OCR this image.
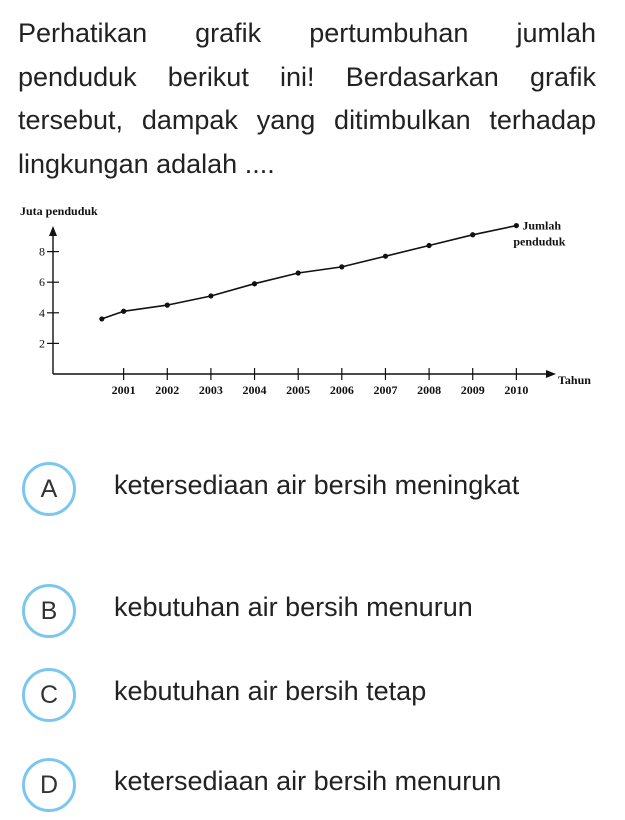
Perhatikan grafik pertumbuhan jumlah penduduk berikut ini! Berdasarkan grafik tersebut, dampak yang ditimbulkan terhadap lingkungan adalah ....
Juta penduduk
Tahun
2
4
6
8
2001 2002 2003 2004 2005 2006 2007 2008 2009 2010
Jumlah
penduduk
A	ketersediaan air bersih meningkat
B	kebutuhan air bersih menurun
C	kebutuhan air bersih tetap
D	ketersediaan air bersih menurun
